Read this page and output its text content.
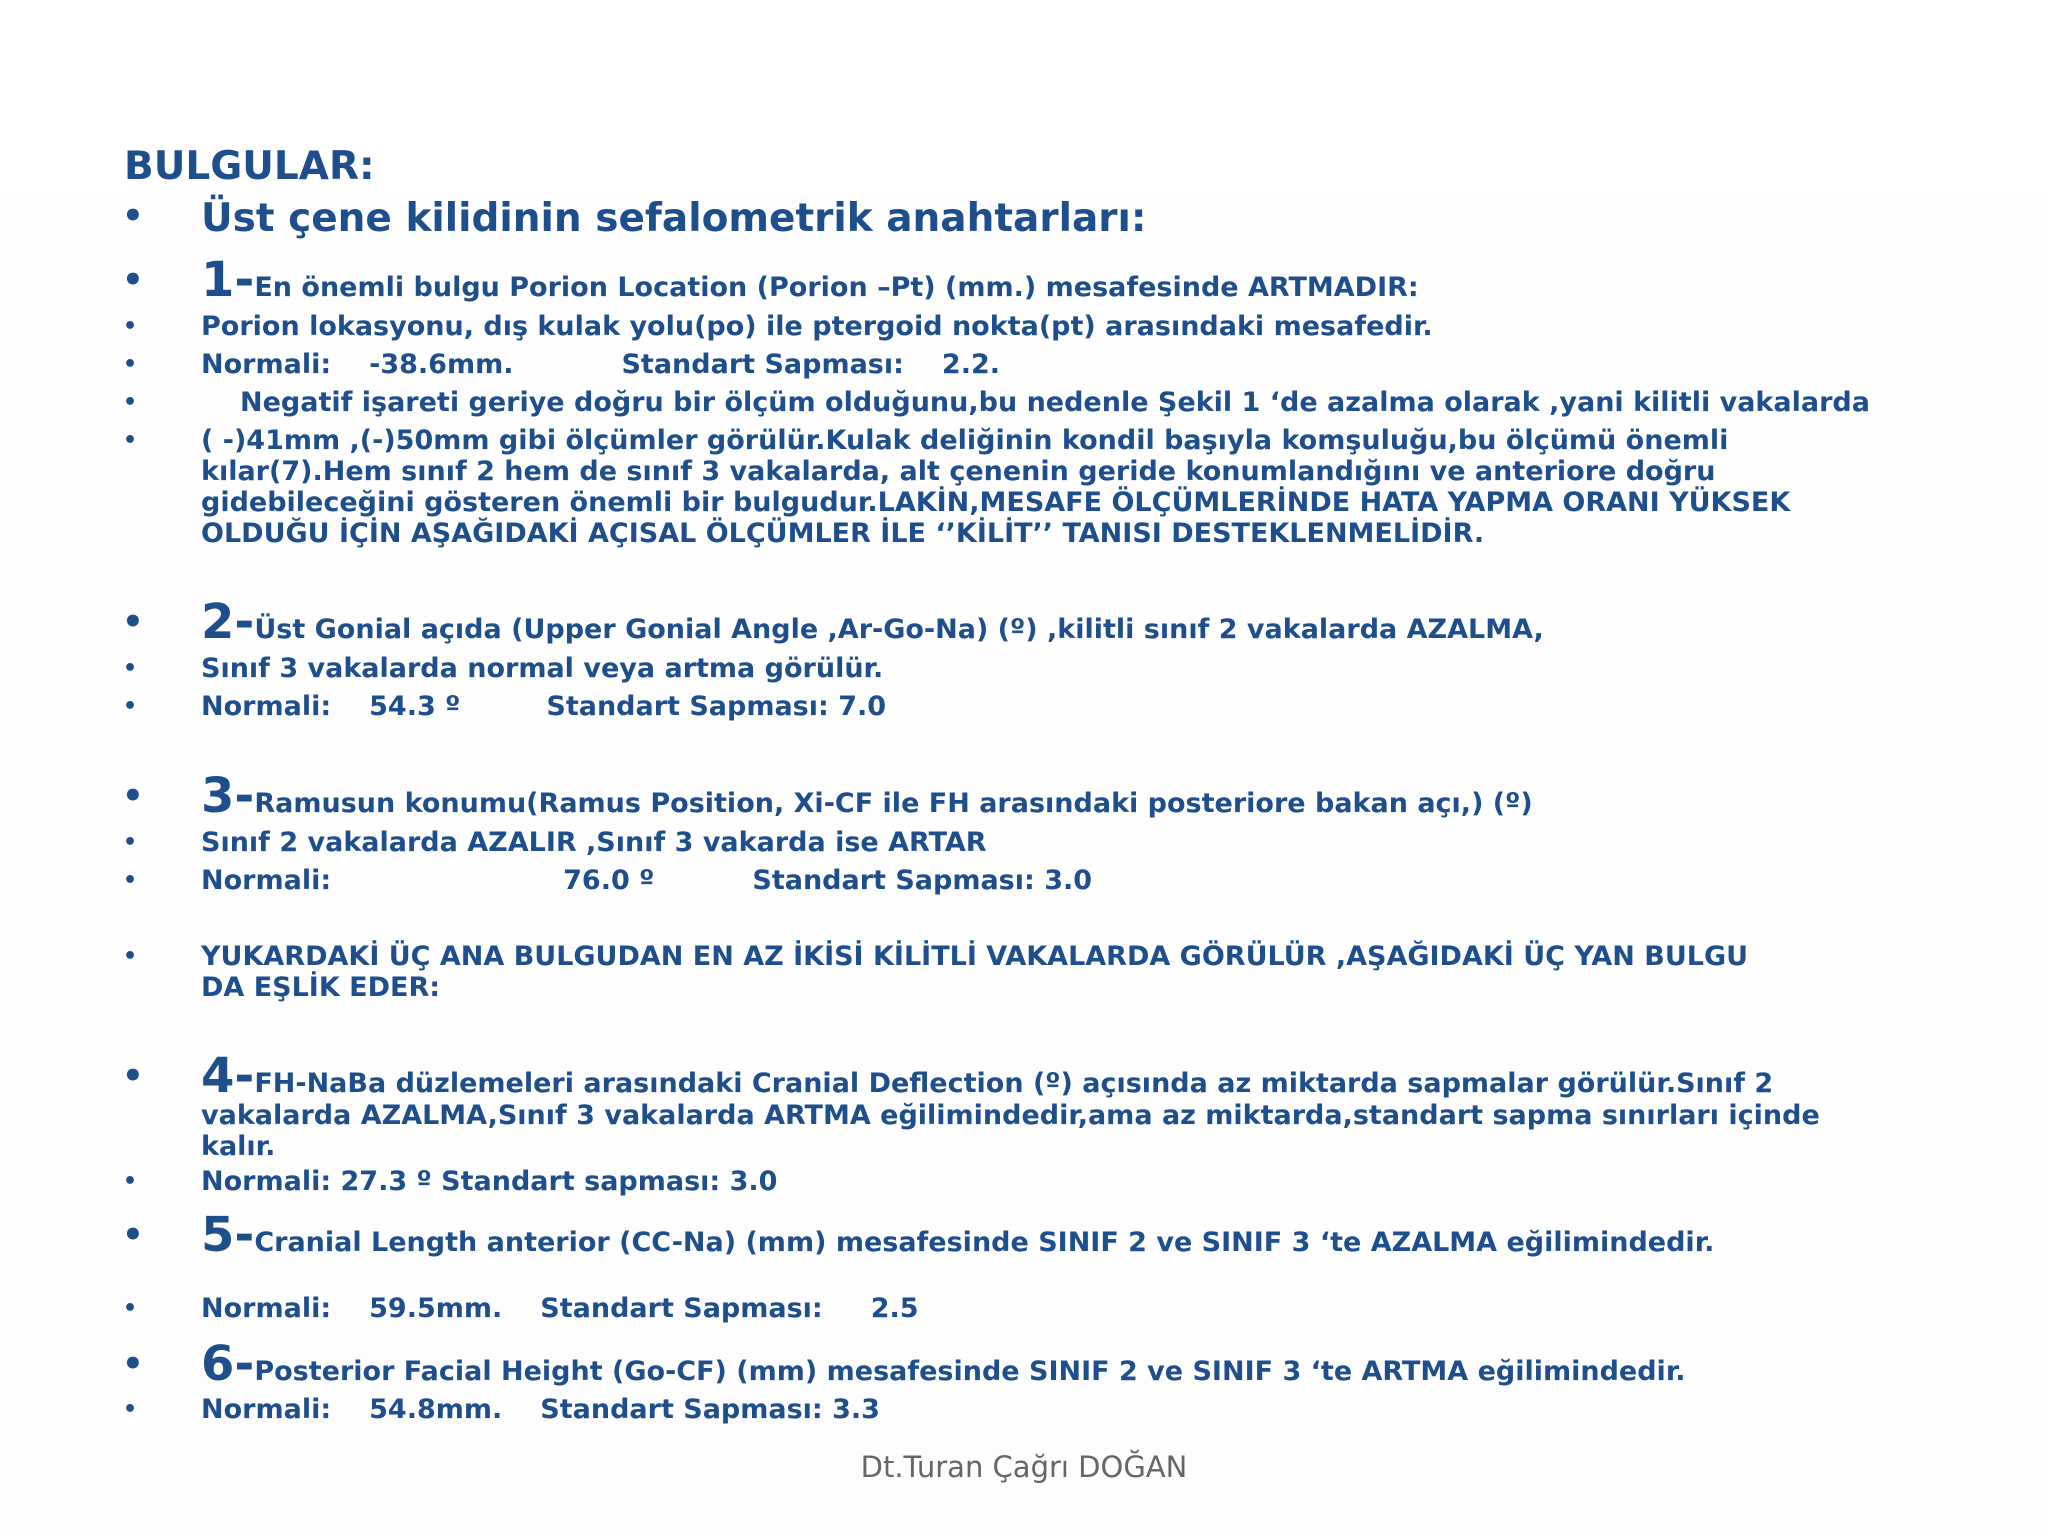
BULGULAR:
• Üst çene kilidinin sefalometrik anahtarları:
• 1-En önemli bulgu Porion Location (Porion –Pt) (mm.) mesafesinde ARTMADIR:
• Porion lokasyonu, dış kulak yolu(po) ile ptergoid nokta(pt) arasındaki mesafedir.
• Normali: -38.6mm.	Standart Sapması: 2.2.
•	Negatif işareti geriye doğru bir ölçüm olduğunu,bu nedenle Şekil 1 ‘de azalma olarak ,yani kilitli vakalarda
• ( -)41mm ,(-)50mm gibi ölçümler görülür.Kulak deliğinin kondil başıyla komşuluğu,bu ölçümü önemli
kılar(7).Hem sınıf 2 hem de sınıf 3 vakalarda, alt çenenin geride konumlandığını ve anteriore doğru
gidebileceğini gösteren önemli bir bulgudur.LAKİN,MESAFE ÖLÇÜMLERİNDE HATA YAPMA ORANI YÜKSEK
OLDUĞU İÇİN AŞAĞIDAKİ AÇISAL ÖLÇÜMLER İLE ‘’KİLİT’’ TANISI DESTEKLENMELİDİR.
• 2-Üst Gonial açıda (Upper Gonial Angle ,Ar-Go-Na) (º) ,kilitli sınıf 2 vakalarda AZALMA,
• Sınıf 3 vakalarda normal veya artma görülür.
• Normali: 54.3 º	Standart Sapması: 7.0
• 3-Ramusun konumu(Ramus Position, Xi-CF ile FH arasındaki posteriore bakan açı,) (º)
• Sınıf 2 vakalarda AZALIR ,Sınıf 3 vakarda ise ARTAR
• Normali:	76.0 º	Standart Sapması: 3.0
• YUKARDAKİ ÜÇ ANA BULGUDAN EN AZ İKİSİ KİLİTLİ VAKALARDA GÖRÜLÜR ,AŞAĞIDAKİ ÜÇ YAN BULGU
DA EŞLİK EDER:
• 4-FH-NaBa düzlemeleri arasındaki Cranial Deflection (º) açısında az miktarda sapmalar görülür.Sınıf 2
vakalarda AZALMA,Sınıf 3 vakalarda ARTMA eğilimindedir,ama az miktarda,standart sapma sınırları içinde
kalır.
• Normali: 27.3 º Standart sapması: 3.0
• 5-Cranial Length anterior (CC-Na) (mm) mesafesinde SINIF 2 ve SINIF 3 ‘te AZALMA eğilimindedir.
• Normali: 59.5mm. Standart Sapması: 2.5
• 6-Posterior Facial Height (Go-CF) (mm) mesafesinde SINIF 2 ve SINIF 3 ‘te ARTMA eğilimindedir.
• Normali: 54.8mm. Standart Sapması: 3.3
Dt.Turan Çağrı DOĞAN
